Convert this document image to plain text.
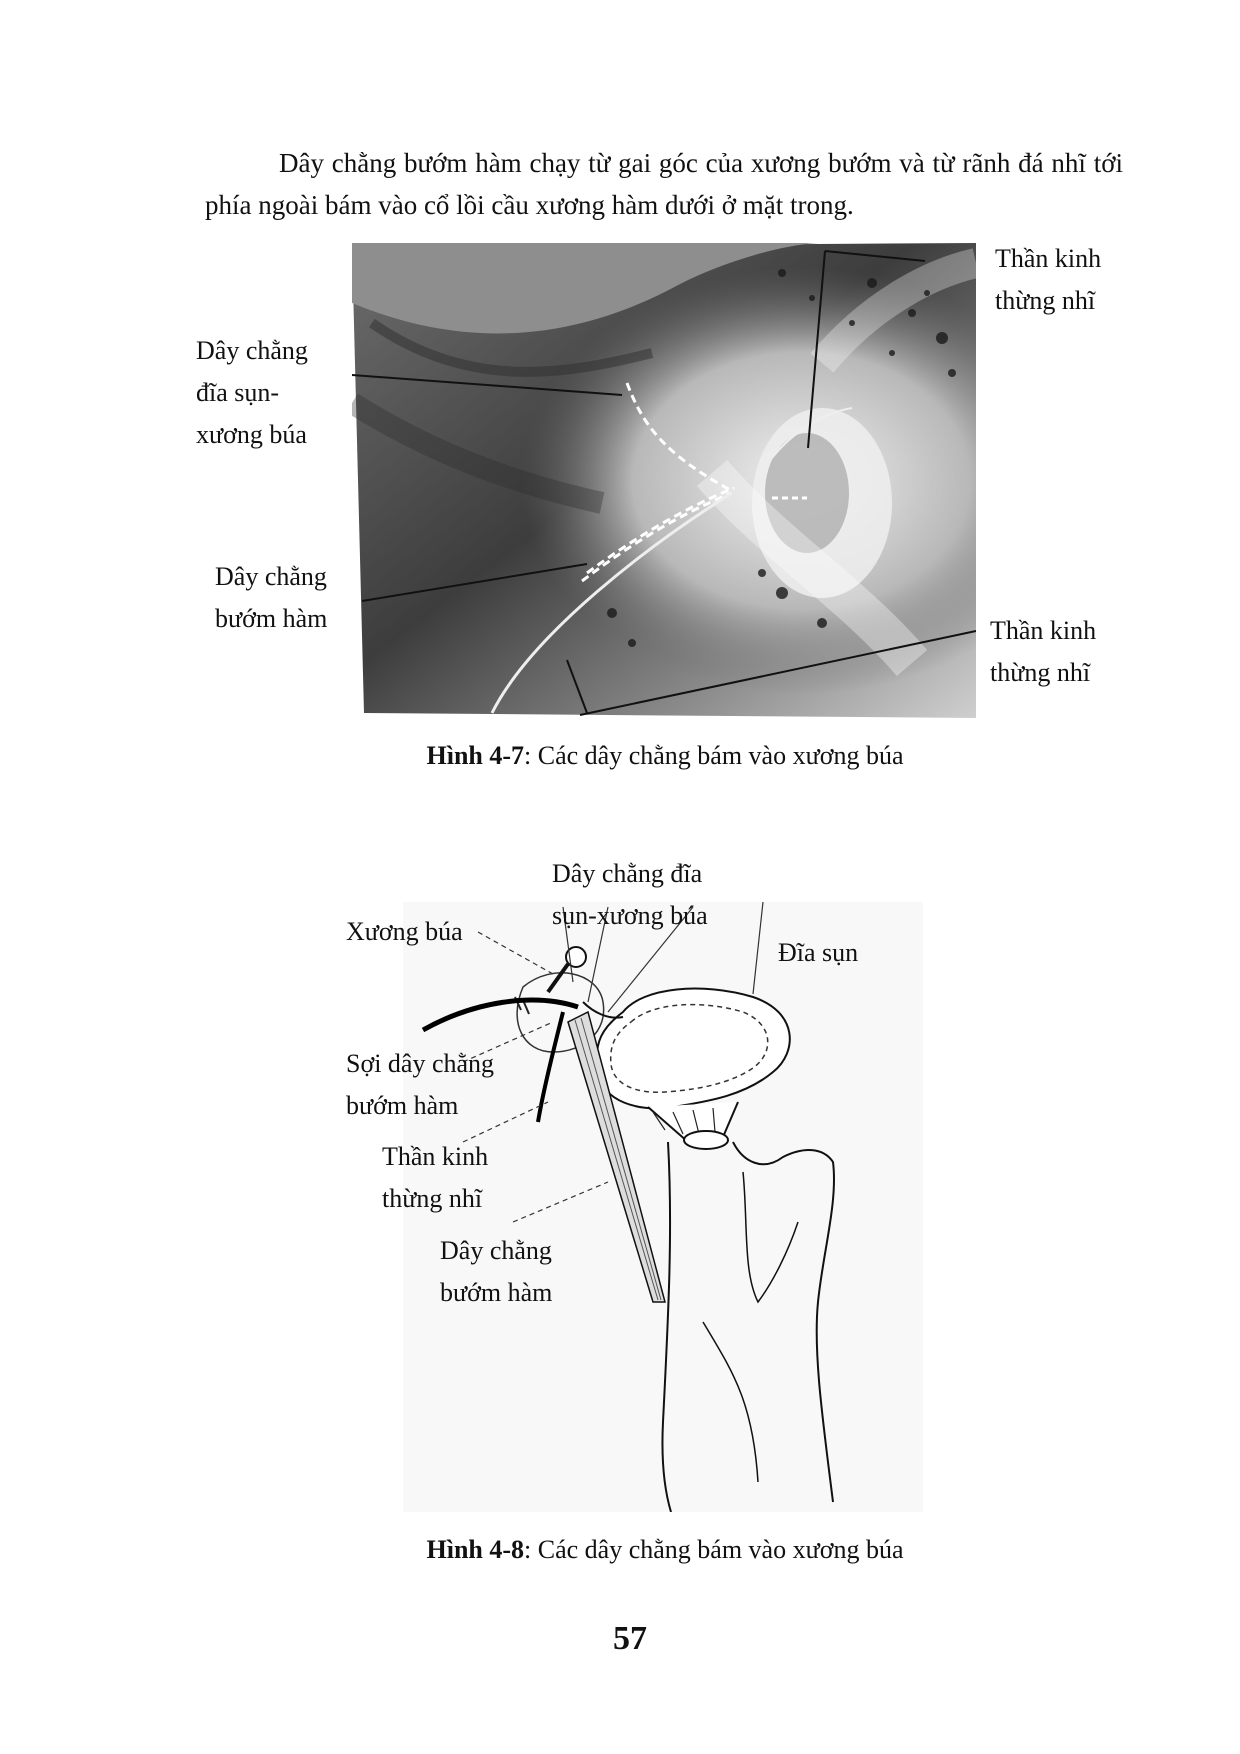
Dây chằng bướm hàm chạy từ gai góc của xương bướm và từ rãnh đá nhĩ tới phía ngoài bám vào cổ lồi cầu xương hàm dưới ở mặt trong.

Dây chằng
đĩa sụn-
xương búa
Dây chằng
bướm hàm
Thần kinh
thừng nhĩ
Thần kinh
thừng nhĩ
Hình 4-7: Các dây chằng bám vào xương búa
Dây chằng đĩa
sụn-xương búa
Xương búa
Đĩa sụn
Sợi dây chằng
bướm hàm
Thần kinh
thừng nhĩ
Dây chằng
bướm hàm
Hình 4-8: Các dây chằng bám vào xương búa
57
